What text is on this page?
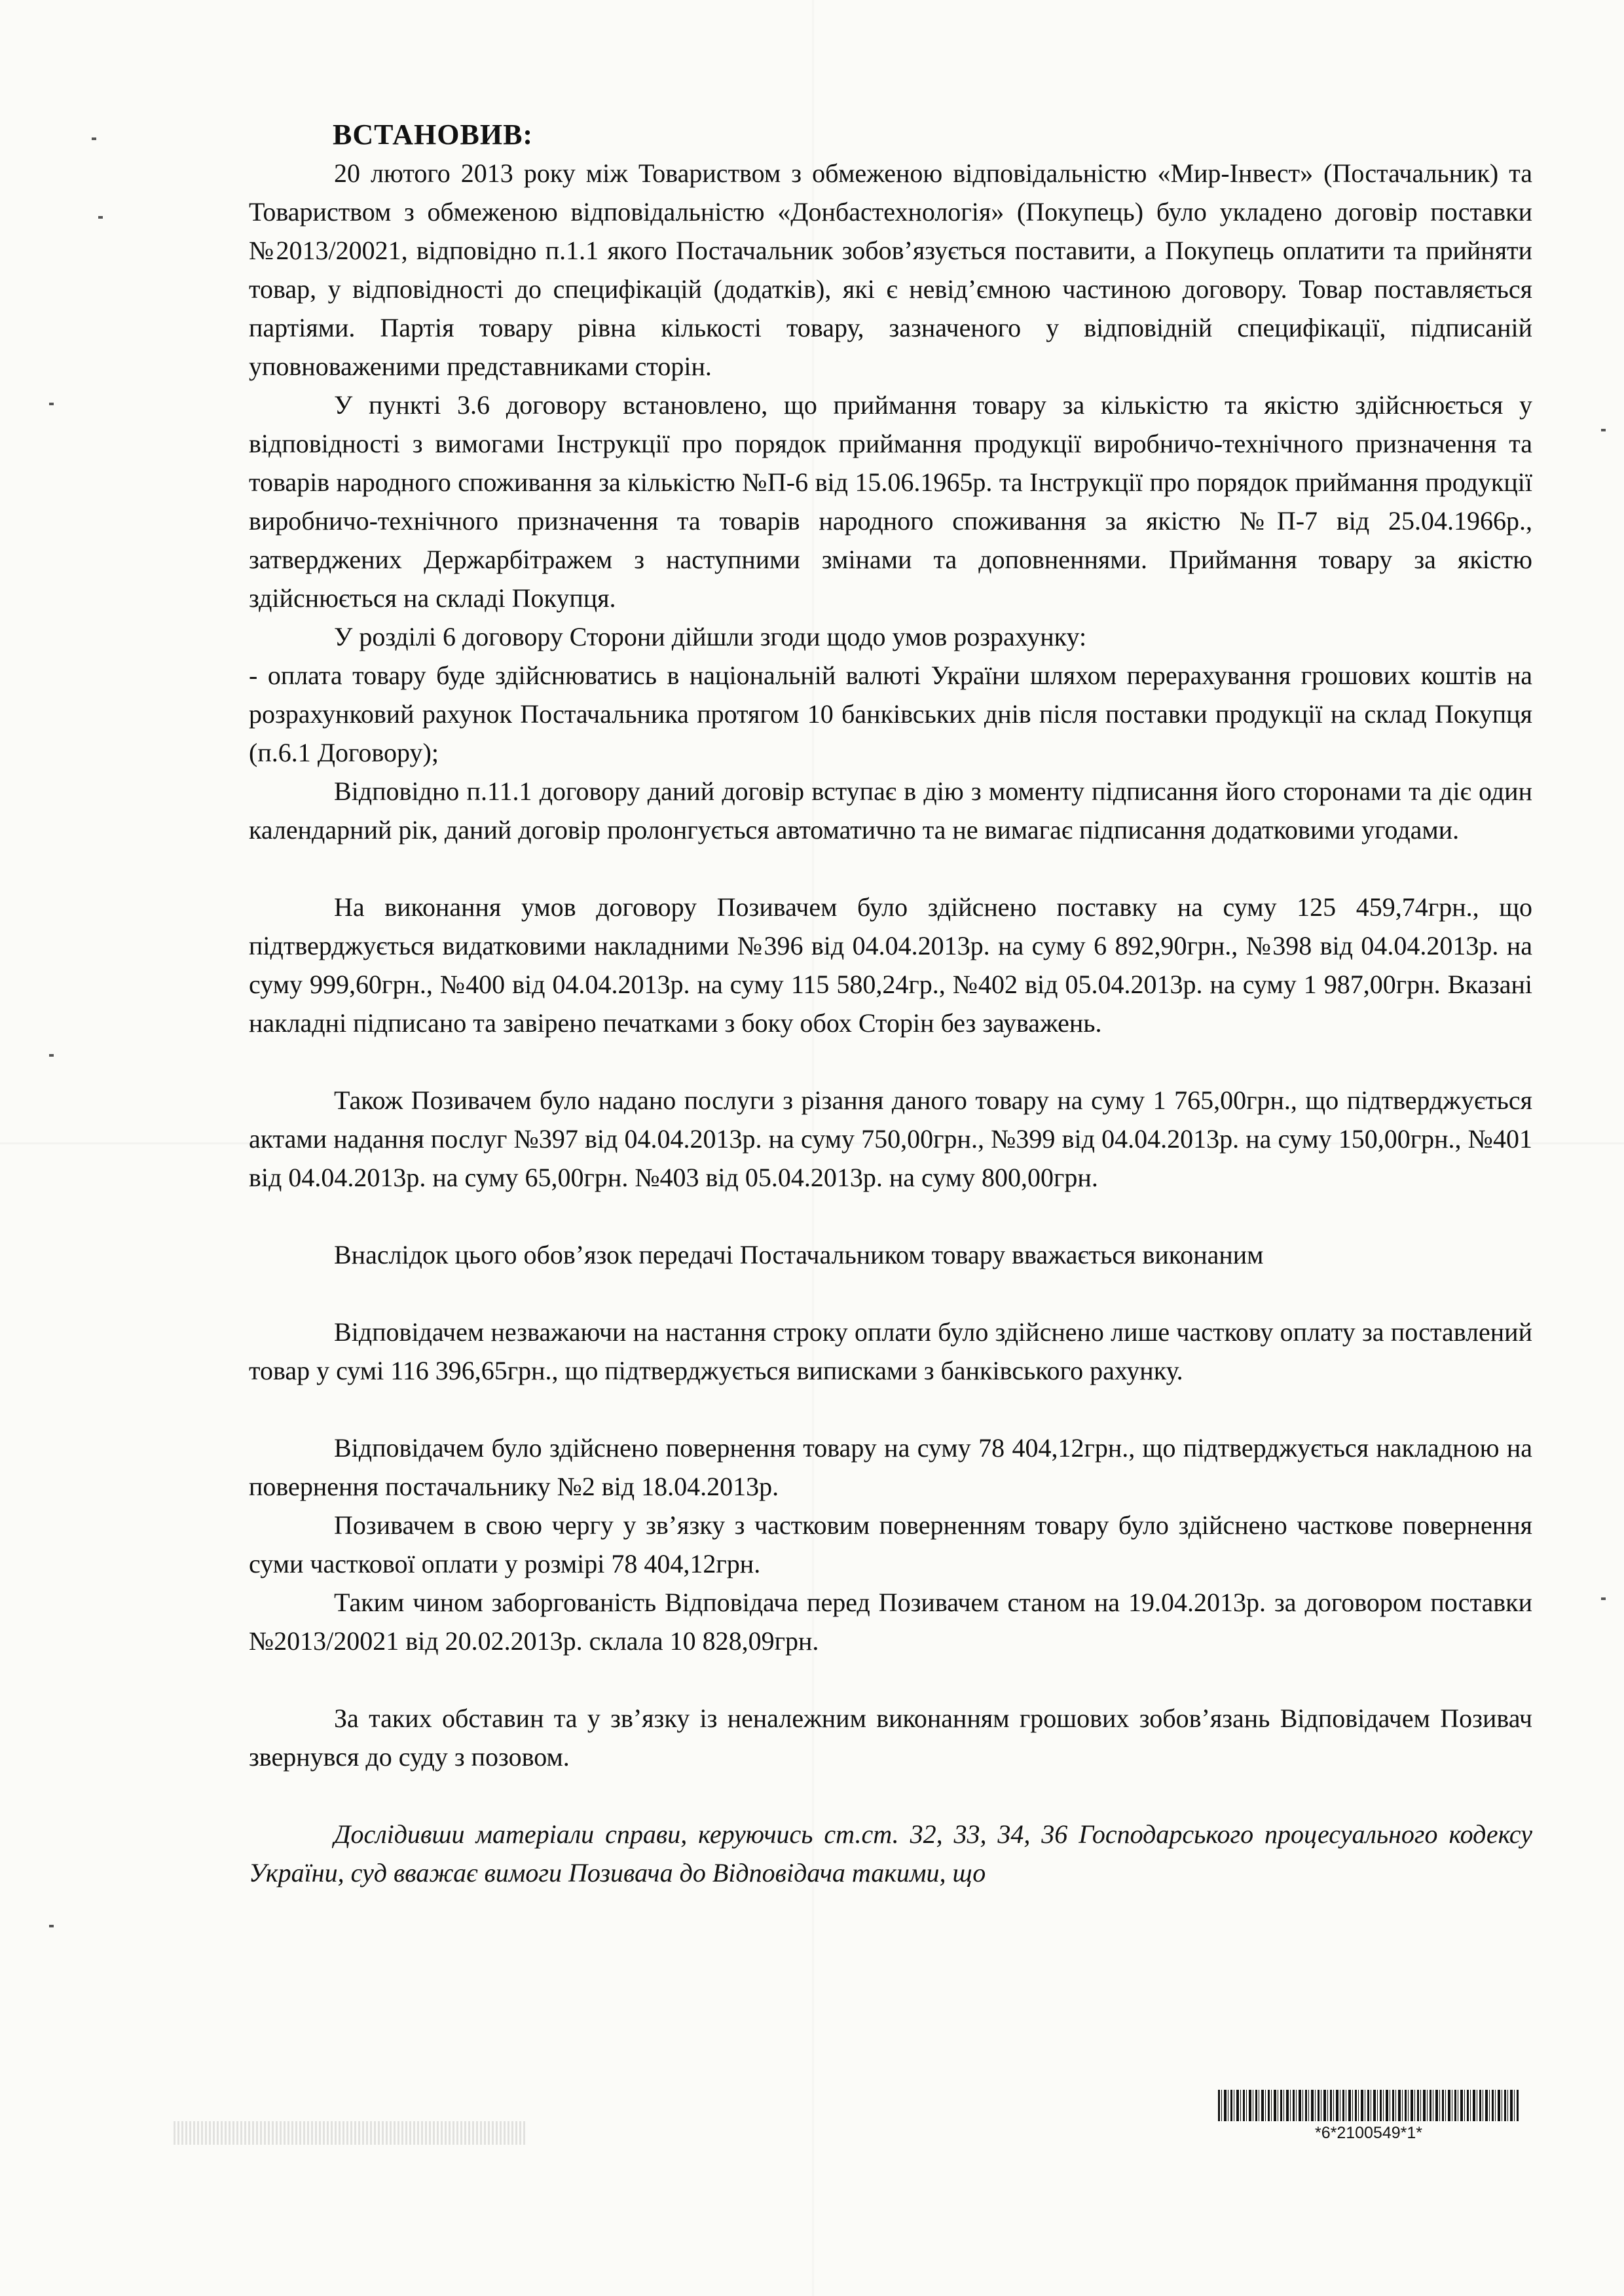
ВСТАНОВИВ:

20 лютого 2013 року між Товариством з обмеженою відповідальністю «Мир-Інвест» (Постачальник) та Товариством з обмеженою відповідальністю «Донбастехнологія» (Покупець) було укладено договір поставки №2013/20021, відповідно п.1.1 якого Постачальник зобов’язується поставити, а Покупець оплатити та прийняти товар, у відповідності до специфікацій (додатків), які є невід’ємною частиною договору. Товар поставляється партіями. Партія товару рівна кількості товару, зазначеного у відповідній специфікації, підписаній уповноваженими представниками сторін.

У пункті 3.6 договору встановлено, що приймання товару за кількістю та якістю здійснюється у відповідності з вимогами Інструкції про порядок приймання продукції виробничо-технічного призначення та товарів народного споживання за кількістю №П-6 від 15.06.1965р. та Інструкції про порядок приймання продукції виробничо-технічного призначення та товарів народного споживання за якістю №П-7 від 25.04.1966р., затверджених Держарбітражем з наступними змінами та доповненнями. Приймання товару за якістю здійснюється на складі Покупця.

У розділі 6 договору Сторони дійшли згоди щодо умов розрахунку:

- оплата товару буде здійснюватись в національній валюті України шляхом перерахування грошових коштів на розрахунковий рахунок Постачальника протягом 10 банківських днів після поставки продукції на склад Покупця (п.6.1 Договору);

Відповідно п.11.1 договору даний договір вступає в дію з моменту підписання його сторонами та діє один календарний рік, даний договір пролонгується автоматично та не вимагає підписання додатковими угодами.

На виконання умов договору Позивачем було здійснено поставку на суму 125 459,74грн., що підтверджується видатковими накладними №396 від 04.04.2013р. на суму 6 892,90грн., №398 від 04.04.2013р. на суму 999,60грн., №400 від 04.04.2013р. на суму 115 580,24гр., №402 від 05.04.2013р. на суму 1 987,00грн. Вказані накладні підписано та завірено печатками з боку обох Сторін без зауважень.

Також Позивачем було надано послуги з різання даного товару на суму 1 765,00грн., що підтверджується актами надання послуг №397 від 04.04.2013р. на суму 750,00грн., №399 від 04.04.2013р. на суму 150,00грн., №401 від 04.04.2013р. на суму 65,00грн. №403 від 05.04.2013р. на суму 800,00грн.

Внаслідок цього обов’язок передачі Постачальником товару вважається виконаним

Відповідачем незважаючи на настання строку оплати було здійснено лише часткову оплату за поставлений товар у сумі 116 396,65грн., що підтверджується виписками з банківського рахунку.

Відповідачем було здійснено повернення товару на суму 78 404,12грн., що підтверджується накладною на повернення постачальнику №2 від 18.04.2013р.

Позивачем в свою чергу у зв’язку з частковим поверненням товару було здійснено часткове повернення суми часткової оплати у розмірі 78 404,12грн.

Таким чином заборгованість Відповідача перед Позивачем станом на 19.04.2013р. за договором поставки №2013/20021 від 20.02.2013р. склала 10 828,09грн.

За таких обставин та у зв’язку із неналежним виконанням грошових зобов’язань Відповідачем Позивач звернувся до суду з позовом.

Дослідивши матеріали справи, керуючись ст.ст. 32, 33, 34, 36 Господарського процесуального кодексу України, суд вважає вимоги Позивача до Відповідача такими, що

*6*2100549*1*
